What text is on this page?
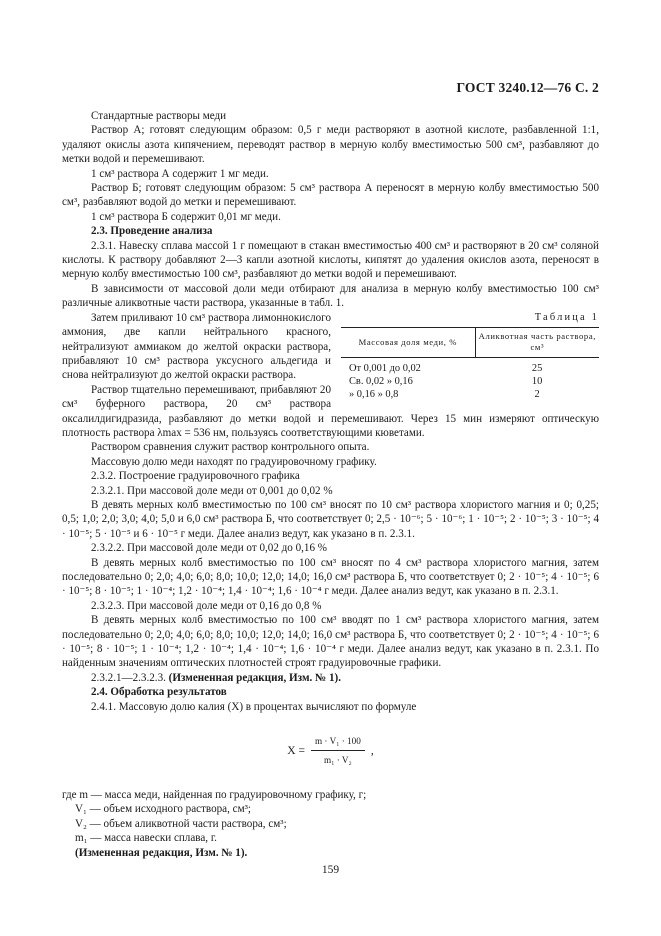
ГОСТ 3240.12—76 С. 2

Стандартные растворы меди

Раствор А; готовят следующим образом: 0,5 г меди растворяют в азотной кислоте, разбавленной 1:1, удаляют окислы азота кипячением, переводят раствор в мерную колбу вместимостью 500 см³, разбавляют до метки водой и перемешивают.

1 см³ раствора А содержит 1 мг меди.

Раствор Б; готовят следующим образом: 5 см³ раствора А переносят в мерную колбу вместимостью 500 см³, разбавляют водой до метки и перемешивают.

1 см³ раствора Б содержит 0,01 мг меди.

2.3. Проведение анализа

2.3.1. Навеску сплава массой 1 г помещают в стакан вместимостью 400 см³ и растворяют в 20 см³ соляной кислоты. К раствору добавляют 2—3 капли азотной кислоты, кипятят до удаления окислов азота, переносят в мерную колбу вместимостью 100 см³, разбавляют до метки водой и перемешивают.

В зависимости от массовой доли меди отбирают для анализа в мерную колбу вместимостью 100 см³ различные аликвотные части раствора, указанные в табл. 1.

Таблица 1
Массовая доля меди, %	Аликвотная часть раствора, см³
От 0,001 до 0,02	25
Св. 0,02 » 0,16	10
» 0,16 » 0,8	2

Затем приливают 10 см³ раствора лимоннокислого аммония, две капли нейтрального красного, нейтрализуют аммиаком до желтой окраски раствора, прибавляют 10 см³ раствора уксусного альдегида и снова нейтрализуют до желтой окраски раствора.

Раствор тщательно перемешивают, прибавляют 20 см³ буферного раствора, 20 см³ раствора оксалилдигидразида, разбавляют до метки водой и перемешивают. Через 15 мин измеряют оптическую плотность раствора λmax = 536 нм, пользуясь соответствующими кюветами.

Раствором сравнения служит раствор контрольного опыта.

Массовую долю меди находят по градуировочному графику.

2.3.2. Построение градуировочного графика

2.3.2.1. При массовой доле меди от 0,001 до 0,02 %

В девять мерных колб вместимостью по 100 см³ вносят по 10 см³ раствора хлористого магния и 0; 0,25; 0,5; 1,0; 2,0; 3,0; 4,0; 5,0 и 6,0 см³ раствора Б, что соответствует 0; 2,5 · 10⁻⁶; 5 · 10⁻⁶; 1 · 10⁻⁵; 2 · 10⁻⁵; 3 · 10⁻⁵; 4 · 10⁻⁵; 5 · 10⁻⁵ и 6 · 10⁻⁵ г меди. Далее анализ ведут, как указано в п. 2.3.1.

2.3.2.2. При массовой доле меди от 0,02 до 0,16 %

В девять мерных колб вместимостью по 100 см³ вносят по 4 см³ раствора хлористого магния, затем последовательно 0; 2,0; 4,0; 6,0; 8,0; 10,0; 12,0; 14,0; 16,0 см³ раствора Б, что соответствует 0; 2 · 10⁻⁵; 4 · 10⁻⁵; 6 · 10⁻⁵; 8 · 10⁻⁵; 1 · 10⁻⁴; 1,2 · 10⁻⁴; 1,4 · 10⁻⁴; 1,6 · 10⁻⁴ г меди. Далее анализ ведут, как указано в п. 2.3.1.

2.3.2.3. При массовой доле меди от 0,16 до 0,8 %

В девять мерных колб вместимостью по 100 см³ вводят по 1 см³ раствора хлористого магния, затем последовательно 0; 2,0; 4,0; 6,0; 8,0; 10,0; 12,0; 14,0; 16,0 см³ раствора Б, что соответствует 0; 2 · 10⁻⁵; 4 · 10⁻⁵; 6 · 10⁻⁵; 8 · 10⁻⁵; 1 · 10⁻⁴; 1,2 · 10⁻⁴; 1,4 · 10⁻⁴; 1,6 · 10⁻⁴ г меди. Далее анализ ведут, как указано в п. 2.3.1. По найденным значениям оптических плотностей строят градуировочные графики.

2.3.2.1—2.3.2.3. (Измененная редакция, Изм. № 1).

2.4. Обработка результатов

2.4.1. Массовую долю калия (X) в процентах вычисляют по формуле

$X = \frac{\text{m · V₁ · 100}}{\text{m₁ · V₂}}$ ,

где m — масса меди, найденная по градуировочному графику, г;

V₁ — объем исходного раствора, см³;

V₂ — объем аликвотной части раствора, см³;

m₁ — масса навески сплава, г.

(Измененная редакция, Изм. № 1).

159
